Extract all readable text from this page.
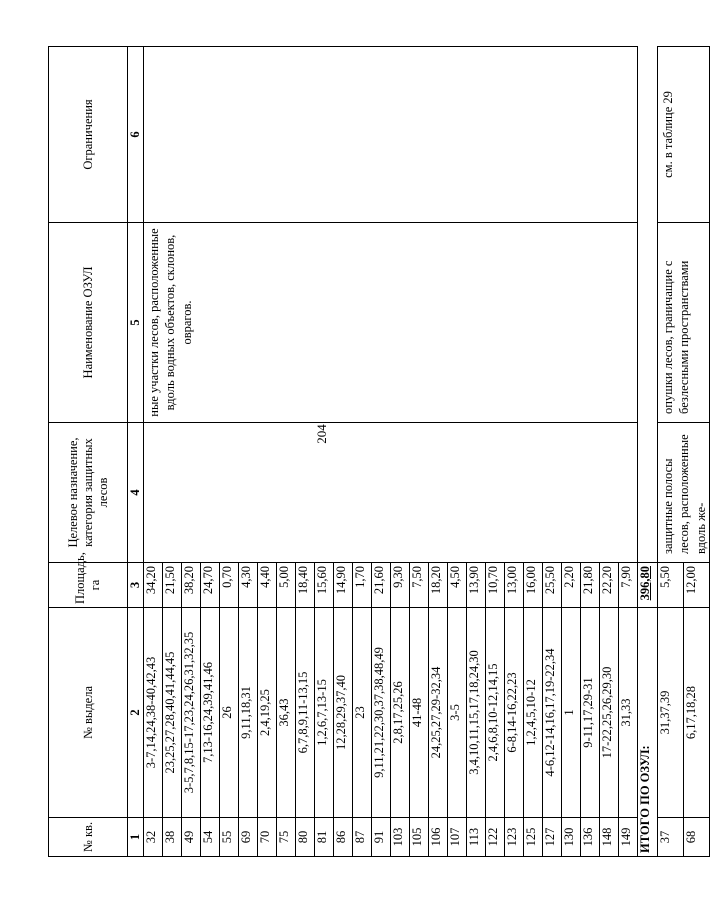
№ кв.	№ выдела	Площадь, га	Целевое назначение, категория защитных лесов	Наименование ОЗУЛ	Ограничения
1	2	3	4	5	6
32	3-7,14,24,38-40,42,43	34,20		ные участки лесов, расположенные вдоль водных объектов, склонов, оврагов.	
38	23,25,27,28,40,41,44,45	21,50			
49	3-5,7,8,15-17,23,24,26,31,32,35	38,20			
54	7,13-16,24,39,41,46	24,70			
55	26	0,70			
69	9,11,18,31	4,30			
70	2,4,19,25	4,40			
75	36,43	5,00			
80	6,7,8,9,11-13,15	18,40			
81	1,2,6,7,13-15	15,60			
86	12,28,29,37,40	14,90			
87	23	1,70			
91	9,11,21,22,30,37,38,48,49	21,60			
103	2,8,17,25,26	9,30			
105	41-48	7,50			
106	24,25,27,29-32,34	18,20			
107	3-5	4,50			
113	3,4,10,11,15,17,18,24,30	13,90			
122	2,4,6,8,10-12,14,15	10,70			
123	6-8,14-16,22,23	13,00			
125	1,2,4,5,10-12	16,00			
127	4-6,12-14,16,17,19-22,34	25,50			
130	1	2,20			
136	9-11,17,29-31	21,80			
148	17-22,25,26,29,30	22,20			
149	31,33	7,90			
ИТОГО ПО ОЗУЛ:		396,80			
37	31,37,39	5,50	защитные полосы лесов, расположенные вдоль же-	опушки лесов, граничащие с безлесными пространствами	см. в таблице 29
68	6,17,18,28	12,00			
204
